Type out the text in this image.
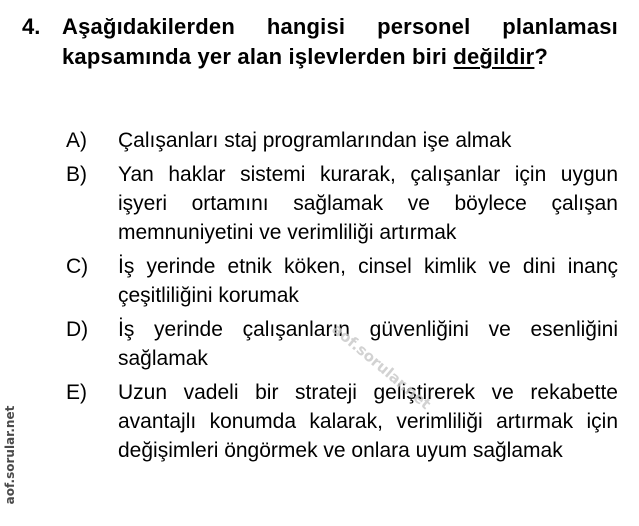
4. Aşağıdakilerden hangisi personel planlaması kapsamında yer alan işlevlerden biri değildir?
A)	Çalışanları staj programlarından işe almak
B)	Yan haklar sistemi kurarak, çalışanlar için uygun işyeri ortamını sağlamak ve böylece çalışan memnuniyetini ve verimliliği artırmak
C)	İş yerinde etnik köken, cinsel kimlik ve dini inanç çeşitliliğini korumak
D)	İş yerinde çalışanların güvenliğini ve esenliğini sağlamak
E)	Uzun vadeli bir strateji geliştirerek ve rekabette avantajlı konumda kalarak, verimliliği artırmak için değişimleri öngörmek ve onlara uyum sağlamak
aof.sorular.net
aof.sorular.net
